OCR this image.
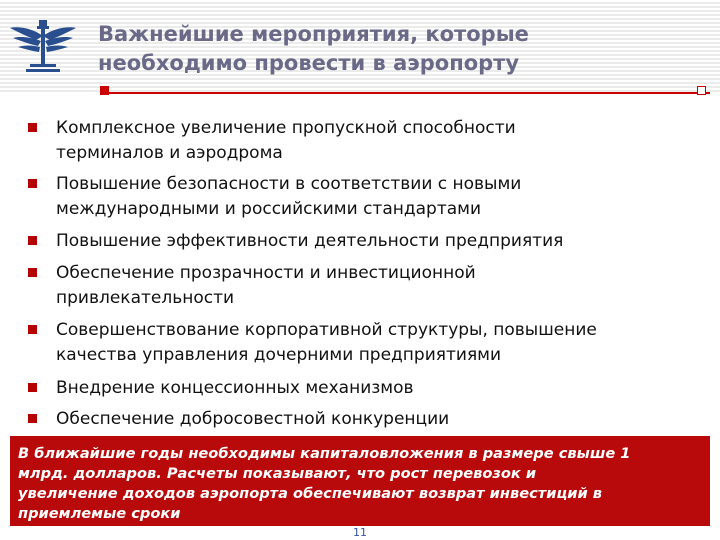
Важнейшие мероприятия, которые
необходимо провести в аэропорту
Комплексное увеличение пропускной способности
терминалов и аэродрома
Повышение безопасности в соответствии с новыми
международными и российскими стандартами
Повышение эффективности деятельности предприятия
Обеспечение прозрачности и инвестиционной
привлекательности
Совершенствование корпоративной структуры, повышение
качества управления дочерними предприятиями
Внедрение концессионных механизмов
Обеспечение добросовестной конкуренции
В ближайшие годы необходимы капиталовложения в размере свыше 1
млрд. долларов. Расчеты показывают, что рост перевозок и
увеличение доходов аэропорта обеспечивают возврат инвестиций в
приемлемые сроки
11
